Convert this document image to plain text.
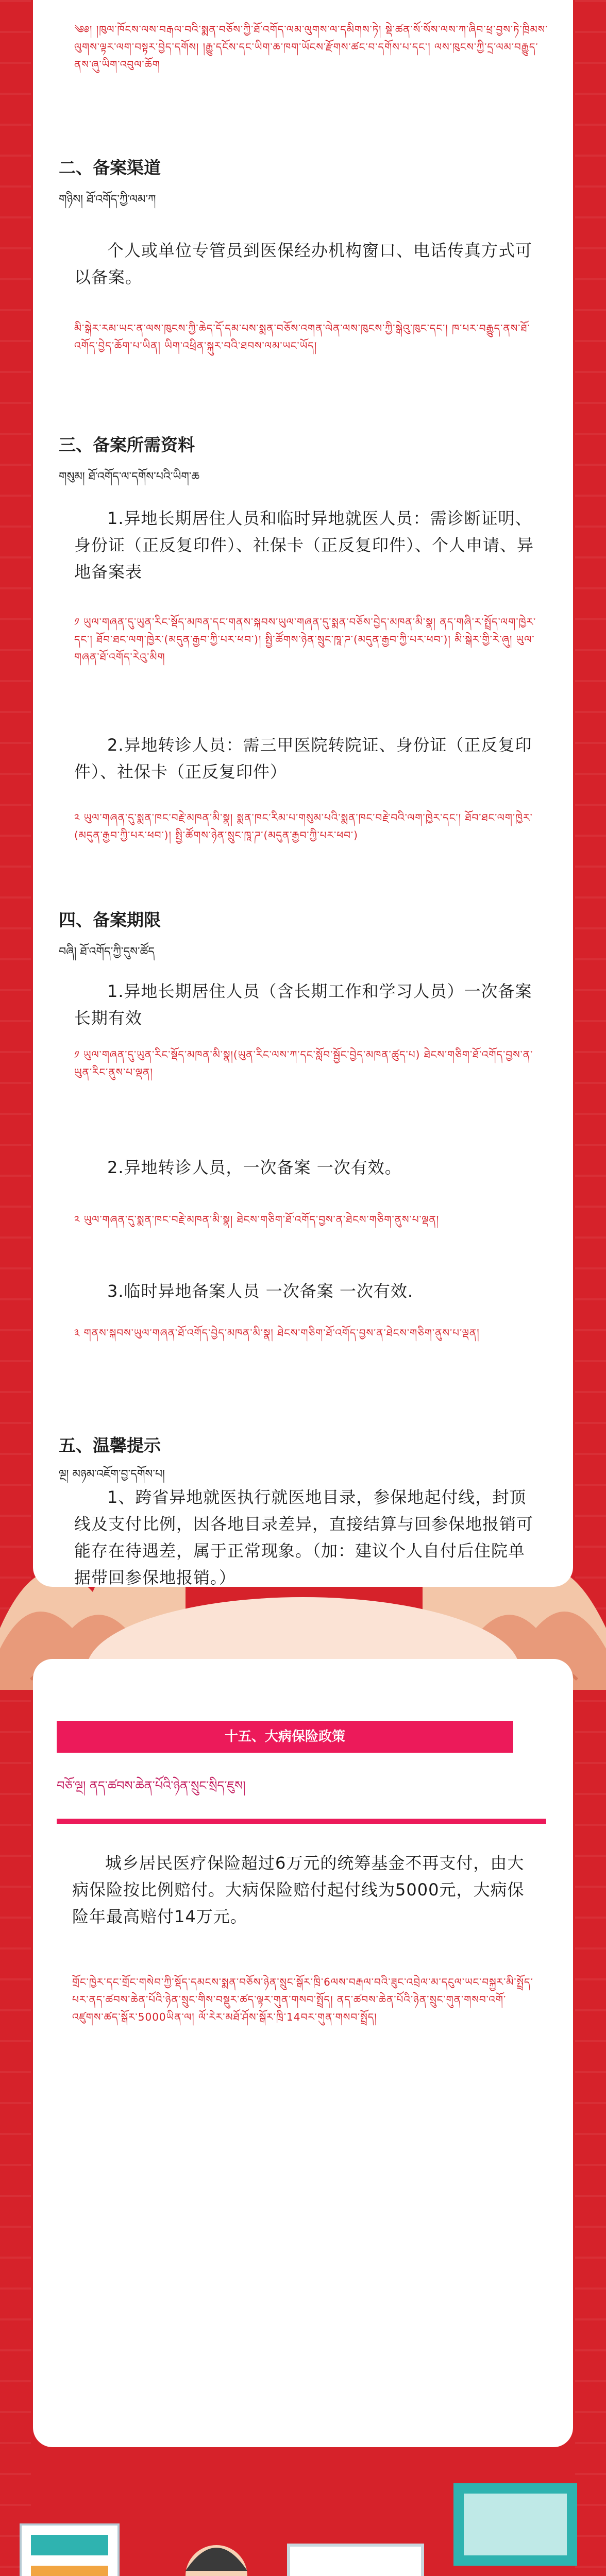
༄༅། །ཁུལ་ཁོངས་ལས་བརྒལ་བའི་སྨན་བཅོས་ཀྱི་ཐོ་འགོད་ལམ་ལུགས་ལ་དམིགས་ཏེ། སྡེ་ཚན་སོ་སོས་ལས་ཀ་ཞིབ་ཕྲ་བྱས་ཏེ་ཁྲིམས་ལུགས་ལྟར་ལག་བསྟར་བྱེད་དགོས། །རྒྱུ་དངོས་དང་ཡིག་ཆ་ཁག་ཡོངས་རྫོགས་ཚང་བ་དགོས་པ་དང་། ལས་ཁུངས་ཀྱི་དྲ་ལམ་བརྒྱུད་ནས་ཞུ་ཡིག་འབུལ་ཆོག
二、备案渠道
གཉིས། ཐོ་འགོད་ཀྱི་ལམ་ཀ
个人或单位专管员到医保经办机构窗口、电话传真方式可以备案。
མི་སྒེར་རམ་ཡང་ན་ལས་ཁུངས་ཀྱི་ཆེད་དོ་དམ་པས་སྨན་བཅོས་འགན་ལེན་ལས་ཁུངས་ཀྱི་སྒེའུ་ཁུང་དང་། ཁ་པར་བརྒྱུད་ནས་ཐོ་འགོད་བྱེད་ཆོག་པ་ཡིན། ཡིག་འཕྲིན་སྐུར་བའི་ཐབས་ལམ་ཡང་ཡོད།
三、备案所需资料
གསུམ། ཐོ་འགོད་ལ་དགོས་པའི་ཡིག་ཆ
1.异地长期居住人员和临时异地就医人员：需诊断证明、身份证（正反复印件）、社保卡（正反复印件）、个人申请、异地备案表
༡ ཡུལ་གཞན་དུ་ཡུན་རིང་སྡོད་མཁན་དང་གནས་སྐབས་ཡུལ་གཞན་དུ་སྨན་བཅོས་བྱེད་མཁན་མི་སྣ། ནད་གཞི་ར་སྤྲོད་ལག་ཁྱེར་དང་། ཐོབ་ཐང་ལག་ཁྱེར་(མདུན་རྒྱབ་ཀྱི་པར་ཕབ་)། སྤྱི་ཚོགས་ཉེན་སྲུང་ཁཱ་ཌ་(མདུན་རྒྱབ་ཀྱི་པར་ཕབ་)། མི་སྒེར་གྱི་རེ་ཞུ། ཡུལ་གཞན་ཐོ་འགོད་རེའུ་མིག
2.异地转诊人员：需三甲医院转院证、身份证（正反复印件）、社保卡（正反复印件）
༢ ཡུལ་གཞན་དུ་སྨན་ཁང་བརྗེ་མཁན་མི་སྣ། སྨན་ཁང་རིམ་པ་གསུམ་པའི་སྨན་ཁང་བརྗེ་བའི་ལག་ཁྱེར་དང་། ཐོབ་ཐང་ལག་ཁྱེར་(མདུན་རྒྱབ་ཀྱི་པར་ཕབ་)། སྤྱི་ཚོགས་ཉེན་སྲུང་ཁཱ་ཌ་(མདུན་རྒྱབ་ཀྱི་པར་ཕབ་)
四、备案期限
བཞི། ཐོ་འགོད་ཀྱི་དུས་ཚོད
1.异地长期居住人员（含长期工作和学习人员）一次备案 长期有效
༡ ཡུལ་གཞན་དུ་ཡུན་རིང་སྡོད་མཁན་མི་སྣ།(ཡུན་རིང་ལས་ཀ་དང་སློབ་སྦྱོང་བྱེད་མཁན་ཚུད་པ) ཐེངས་གཅིག་ཐོ་འགོད་བྱས་ན་ཡུན་རིང་ནུས་པ་ལྡན།
2.异地转诊人员，一次备案 一次有效。
༢ ཡུལ་གཞན་དུ་སྨན་ཁང་བརྗེ་མཁན་མི་སྣ། ཐེངས་གཅིག་ཐོ་འགོད་བྱས་ན་ཐེངས་གཅིག་ནུས་པ་ལྡན།
3.临时异地备案人员 一次备案 一次有效.
༣ གནས་སྐབས་ཡུལ་གཞན་ཐོ་འགོད་བྱེད་མཁན་མི་སྣ། ཐེངས་གཅིག་ཐོ་འགོད་བྱས་ན་ཐེངས་གཅིག་ནུས་པ་ལྡན།
五、温馨提示
ལྔ། མཉམ་འཇོག་བྱ་དགོས་པ།
1、跨省异地就医执行就医地目录，参保地起付线，封顶线及支付比例，因各地目录差异，直接结算与回参保地报销可能存在待遇差，属于正常现象。（加：建议个人自付后住院单据带回参保地报销。）
十五、大病保险政策
བཅོ་ལྔ། ནད་ཚབས་ཆེན་པོའི་ཉེན་སྲུང་སྲིད་ཇུས།
城乡居民医疗保险超过6万元的统筹基金不再支付，由大病保险按比例赔付。大病保险赔付起付线为5000元，大病保险年最高赔付14万元。
གྲོང་ཁྱེར་དང་གྲོང་གསེབ་ཀྱི་སྡོད་དམངས་སྨན་བཅོས་ཉེན་སྲུང་སྒོར་ཁྲི་6ལས་བརྒལ་བའི་ཟུང་འབྲེལ་མ་དངུལ་ཡང་བསྐྱར་མི་སྤྲོད་པར་ནད་ཚབས་ཆེན་པོའི་ཉེན་སྲུང་གིས་བསྡུར་ཚད་ལྟར་གུན་གསབ་སྤྲོད། ནད་ཚབས་ཆེན་པོའི་ཉེན་སྲུང་གུན་གསབ་འགོ་འཛུགས་ཚད་སྒོར་5000ཡིན་ལ། ལོ་རེར་མཐོ་ཤོས་སྒོར་ཁྲི་14བར་གུན་གསབ་སྤྲོད།
